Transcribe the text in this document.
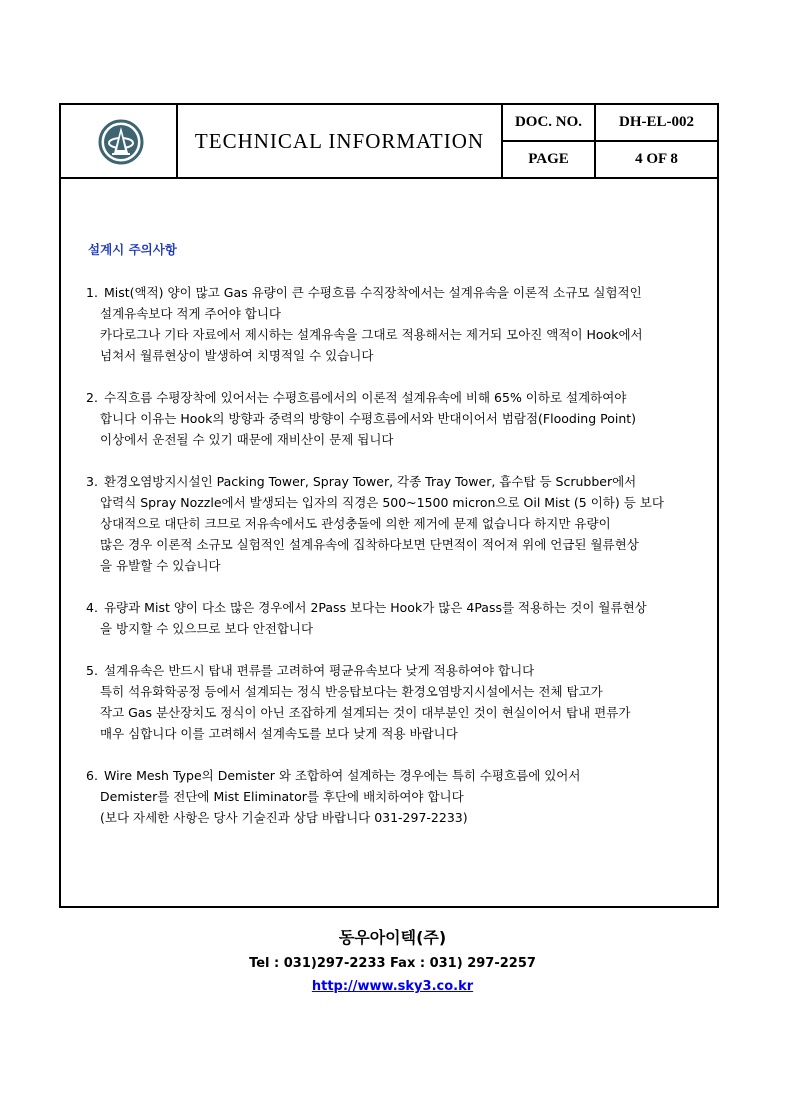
TECHNICAL INFORMATION
DOC. NO.	DH-EL-002
PAGE	4 OF 8
설계시 주의사항

1. Mist(액적) 양이 많고 Gas 유량이 큰 수평흐름 수직장착에서는 설계유속을 이론적 소규모 실험적인

설계유속보다 적게 주어야 합니다

카다로그나 기타 자료에서 제시하는 설계유속을 그대로 적용해서는 제거되 모아진 액적이 Hook에서

넘쳐서 월류현상이 발생하여 치명적일 수 있습니다

2. 수직흐름 수평장착에 있어서는 수평흐름에서의 이론적 설계유속에 비해 65% 이하로 설계하여야

합니다 이유는 Hook의 방향과 중력의 방향이 수평흐름에서와 반대이어서 범람점(Flooding Point)

이상에서 운전될 수 있기 때문에 재비산이 문제 됩니다

3. 환경오염방지시설인 Packing Tower, Spray Tower, 각종 Tray Tower, 흡수탑 등 Scrubber에서

압력식 Spray Nozzle에서 발생되는 입자의 직경은 500~1500 micron으로 Oil Mist (5 이하) 등 보다

상대적으로 대단히 크므로 저유속에서도 관성충돌에 의한 제거에 문제 없습니다 하지만 유량이

많은 경우 이론적 소규모 실험적인 설계유속에 집착하다보면 단면적이 적어져 위에 언급된 월류현상

을 유발할 수 있습니다

4. 유량과 Mist 양이 다소 많은 경우에서 2Pass 보다는 Hook가 많은 4Pass를 적용하는 것이 월류현상

을 방지할 수 있으므로 보다 안전합니다

5. 설계유속은 반드시 탑내 편류를 고려하여 평균유속보다 낮게 적용하여야 합니다

특히 석유화학공정 등에서 설계되는 정식 반응탑보다는 환경오염방지시설에서는 전체 탑고가

작고 Gas 분산장치도 정식이 아닌 조잡하게 설계되는 것이 대부분인 것이 현실이어서 탑내 편류가

매우 심합니다 이를 고려해서 설계속도를 보다 낮게 적용 바랍니다

6. Wire Mesh Type의 Demister 와 조합하여 설계하는 경우에는 특히 수평흐름에 있어서

Demister를 전단에 Mist Eliminator를 후단에 배치하여야 합니다

(보다 자세한 사항은 당사 기술진과 상담 바랍니다 031-297-2233)

동우아이텍(주)
Tel : 031)297-2233 Fax : 031) 297-2257
http://www.sky3.co.kr
